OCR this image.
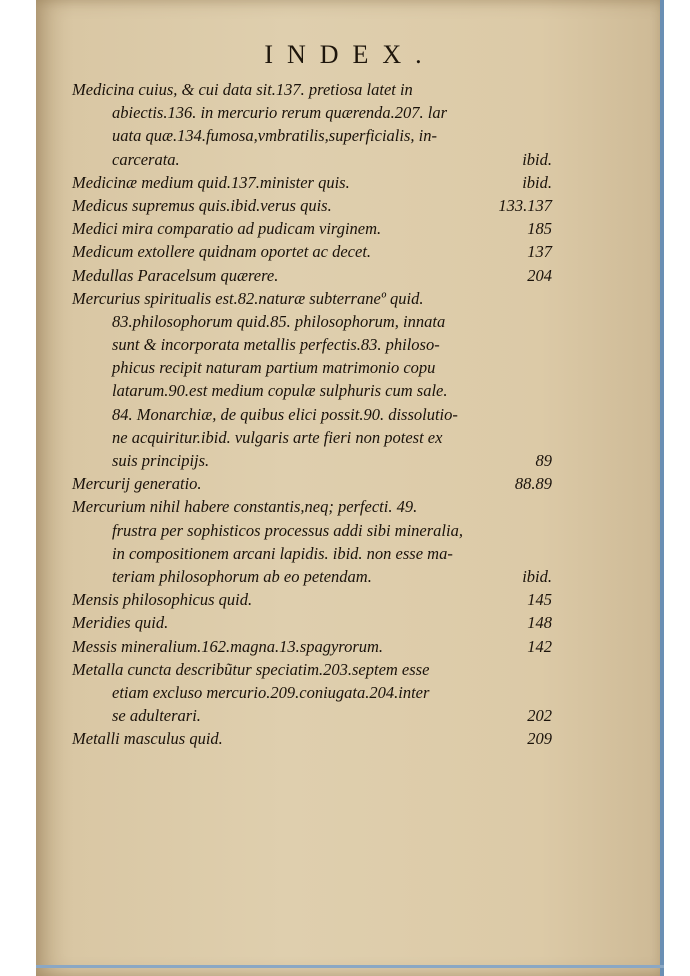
INDEX.
Medicina cuius, & cui data sit.137. pretiosa latet in
abiectis.136. in mercurio rerum quærenda.207. lar
uata quæ.134.fumosa,vmbratilis,superficialis, in-
carcerata.	ibid.
Medicinæ medium quid.137.minister quis.	ibid.
Medicus supremus quis.ibid.verus quis.	133.137
Medici mira comparatio ad pudicam virginem.	185
Medicum extollere quidnam oportet ac decet.	137
Medullas Paracelsum quærere.	204
Mercurius spiritualis est.82.naturæ subterraneº quid.
83.philosophorum quid.85. philosophorum, innata
sunt & incorporata metallis perfectis.83. philoso-
phicus recipit naturam partium matrimonio copu
latarum.90.est medium copulæ sulphuris cum sale.
84. Monarchiæ, de quibus elici possit.90. dissolutio-
ne acquiritur.ibid. vulgaris arte fieri non potest ex
suis principijs.	89
Mercurij generatio.	88.89
Mercurium nihil habere constantis,neq; perfecti. 49.
frustra per sophisticos processus addi sibi mineralia,
in compositionem arcani lapidis. ibid. non esse ma-
teriam philosophorum ab eo petendam.	ibid.
Mensis philosophicus quid.	145
Meridies quid.	148
Messis mineralium.162.magna.13.spagyrorum.	142
Metalla cuncta describũtur speciatim.203.septem esse
etiam excluso mercurio.209.coniugata.204.inter
se adulterari.	202
Metalli masculus quid.	209
